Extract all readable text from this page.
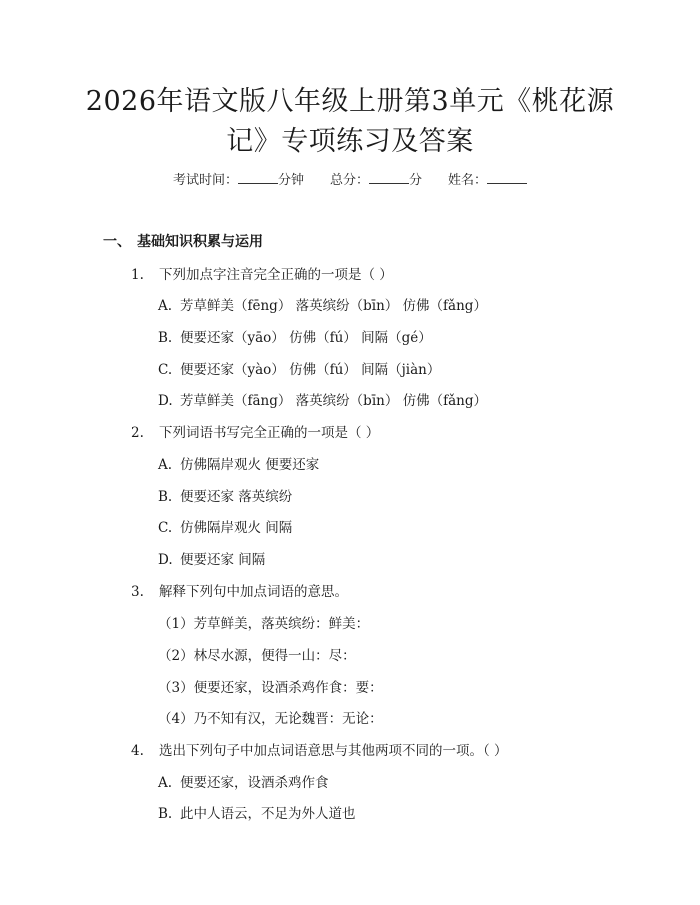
2026年语文版八年级上册第3单元《桃花源
记》专项练习及答案
考试时间：	分钟 总分：	分 姓名：
一、 基础知识积累与运用
1. 下列加点字注音完全正确的一项是（ ）
A. 芳草鲜美（fēng） 落英缤纷（bīn） 仿佛（fǎng）
B. 便要还家（yāo） 仿佛（fú） 间隔（gé）
C. 便要还家（yào） 仿佛（fú） 间隔（jiàn）
D. 芳草鲜美（fāng） 落英缤纷（bīn） 仿佛（fǎng）
2. 下列词语书写完全正确的一项是（ ）
A. 仿佛隔岸观火 便要还家
B. 便要还家 落英缤纷
C. 仿佛隔岸观火 间隔
D. 便要还家 间隔
3. 解释下列句中加点词语的意思。
（1）芳草鲜美，落英缤纷：鲜美：
（2）林尽水源，便得一山：尽：
（3）便要还家，设酒杀鸡作食：要：
（4）乃不知有汉，无论魏晋：无论：
4. 选出下列句子中加点词语意思与其他两项不同的一项。（ ）
A. 便要还家，设酒杀鸡作食
B. 此中人语云，不足为外人道也
